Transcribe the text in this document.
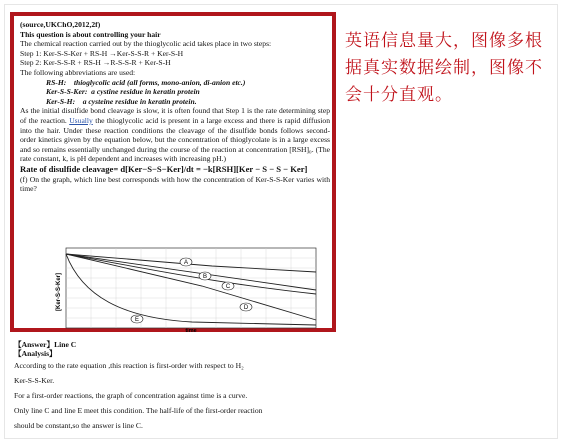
(source,UKChO,2012,2f)
This question is about controlling your hair
The chemical reaction carried out by the thioglycolic acid takes place in two steps:
Step 1: Ker-S-S-Ker + RS-H →Ker-S-S-R + Ker-S-H
Step 2: Ker-S-S-R + RS-H →R-S-S-R + Ker-S-H
The following abbreviations are used:
RS-H: thioglycolic acid (all forms, mono-anion, di-anion etc.)
Ker-S-S-Ker: a cystine residue in keratin protein
Ker-S-H: a cysteine residue in keratin protein.
As the initial disulfide bond cleavage is slow, it is often found that Step 1 is the rate determining step of the reaction. Usually the thioglycolic acid is present in a large excess and there is rapid diffusion into the hair. Under these reaction conditions the cleavage of the disulfide bonds follows second-order kinetics given by the equation below, but the concentration of thioglycolate is in a large excess and so remains essentially unchanged during the course of the reaction at concentration [RSH]₀. (The rate constant, k, is pH dependent and increases with increasing pH.)
Rate of disulfide cleavage= d[Ker−S−S−Ker]/dt = −k[RSH][Ker − S − S − Ker]
(f) On the graph, which line best corresponds with how the concentration of Ker-S-S-Ker varies with time?
A
B
C
D
E
[Ker-S-S-Ker]
time
英语信息量大，图像多根据真实数据绘制，图像不会十分直观。
【Answer】Line C
【Analysis】
According to the rate equation ,this reaction is first-order with respect to H₂
Ker-S-S-Ker.
For a first-order reactions, the graph of concentration against time is a curve.
Only line C and line E meet this condition. The half-life of the first-order reaction
should be constant,so the answer is line C.
